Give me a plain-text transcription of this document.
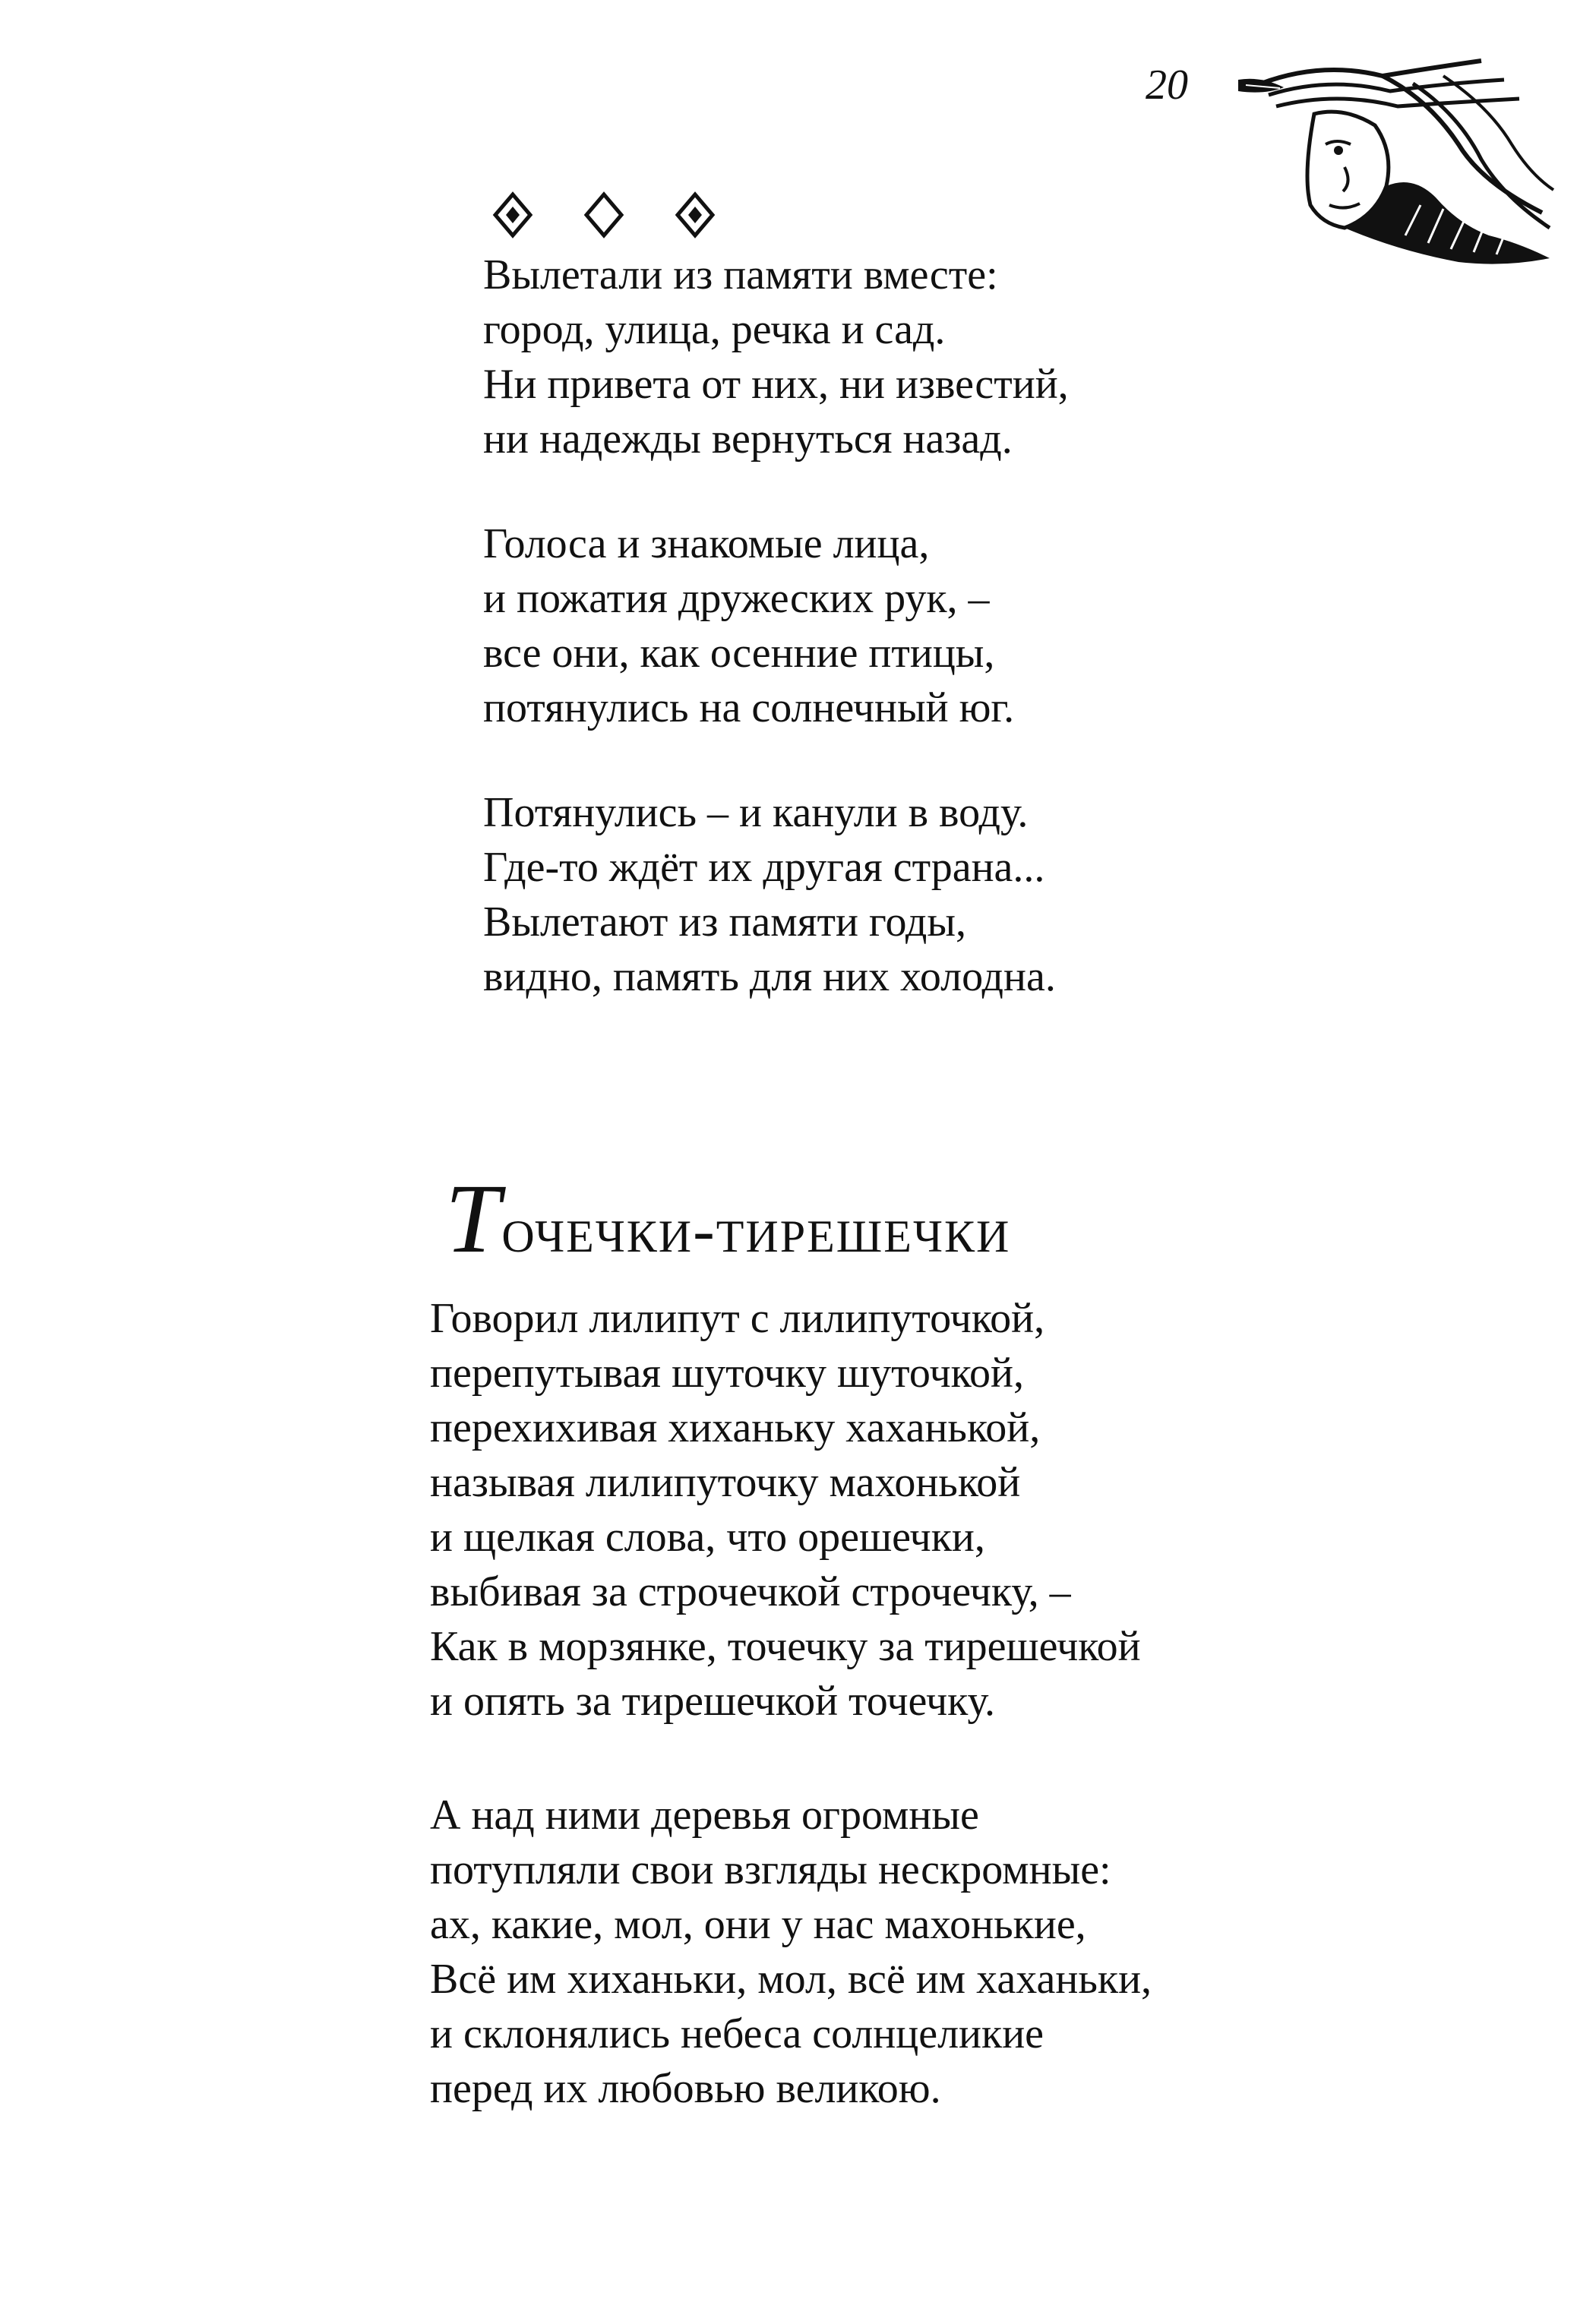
20
Вылетали из памяти вместе:
город, улица, речка и сад.
Ни привета от них, ни известий,
ни надежды вернуться назад.
Голоса и знакомые лица,
и пожатия дружеских рук, –
все они, как осенние птицы,
потянулись на солнечный юг.
Потянулись – и канули в воду.
Где-то ждёт их другая страна...
Вылетают из памяти годы,
видно, память для них холодна.
Точечки-тирешечки
Говорил лилипут с лилипуточкой,
перепутывая шуточку шуточкой,
перехихивая хиханьку хаханькой,
называя лилипуточку махонькой
и щелкая слова, что орешечки,
выбивая за строчечкой строчечку, –
Как в морзянке, точечку за тирешечкой
и опять за тирешечкой точечку.
А над ними деревья огромные
потупляли свои взгляды нескромные:
ах, какие, мол, они у нас махонькие,
Всё им хиханьки, мол, всё им хаханьки,
и склонялись небеса солнцеликие
перед их любовью великою.
